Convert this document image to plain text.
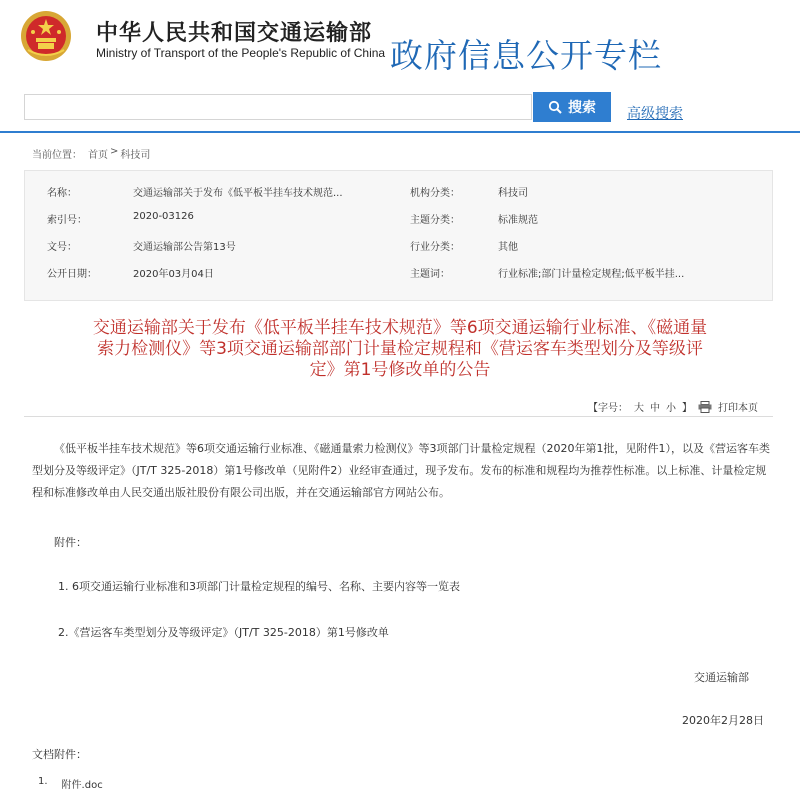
中华人民共和国交通运输部
Ministry of Transport of the People's Republic of China 政府信息公开专栏
搜索 高级搜索
当前位置： 首页 > 科技司
名称：	交通运输部关于发布《低平板半挂车技术规范...	机构分类：	科技司
索引号：	2020-03126	主题分类：	标准规范
文号：	交通运输部公告第13号	行业分类：	其他
公开日期：	2020年03月04日	主题词：	行业标准;部门计量检定规程;低平板半挂...
交通运输部关于发布《低平板半挂车技术规范》等6项交通运输行业标准、《磁通量
索力检测仪》等3项交通运输部部门计量检定规程和《营运客车类型划分及等级评
定》第1号修改单的公告
【字号： 大 中 小 】	打印本页
《低平板半挂车技术规范》等6项交通运输行业标准、《磁通量索力检测仪》等3项部门计量检定规程（2020年第1批，见附件1），以及《营运客车类型划分及等级评定》（JT/T 325-2018）第1号修改单（见附件2）业经审查通过，现予发布。发布的标准和规程均为推荐性标准。以上标准、计量检定规程和标准修改单由人民交通出版社股份有限公司出版，并在交通运输部官方网站公布。
附件：
1. 6项交通运输行业标准和3项部门计量检定规程的编号、名称、主要内容等一览表
2.《营运客车类型划分及等级评定》（JT/T 325-2018）第1号修改单
交通运输部
2020年2月28日
文档附件：
1. 附件.doc
